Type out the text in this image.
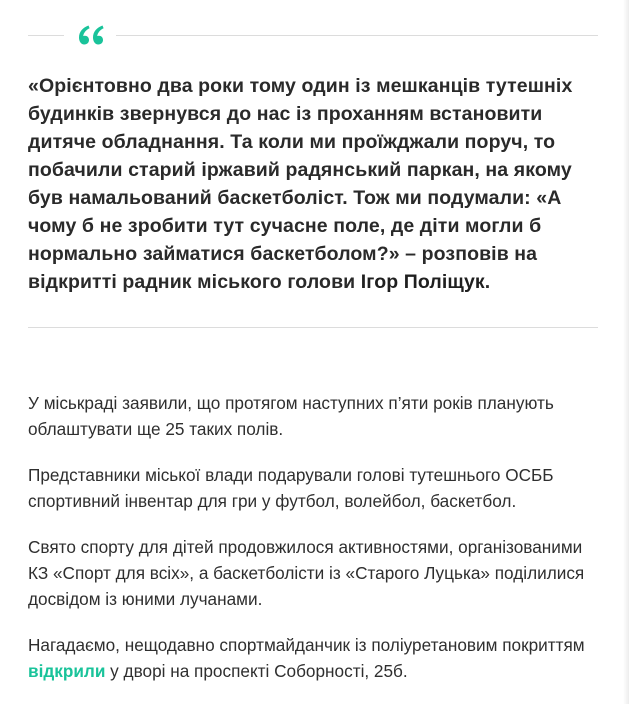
«Орієнтовно два роки тому один із мешканців тутешніх будинків звернувся до нас із проханням встановити дитяче обладнання. Та коли ми проїжджали поруч, то побачили старий іржавий радянський паркан, на якому був намальований баскетболіст. Тож ми подумали: «А чому б не зробити тут сучасне поле, де діти могли б нормально займатися баскетболом?» – розповів на відкритті радник міського голови Ігор Поліщук.

У міськраді заявили, що протягом наступних п’яти років планують облаштувати ще 25 таких полів.

Представники міської влади подарували голові тутешнього ОСББ спортивний інвентар для гри у футбол, волейбол, баскетбол.

Свято спорту для дітей продовжилося активностями, організованими КЗ «Спорт для всіх», а баскетболісти із «Старого Луцька» поділилися досвідом із юними лучанами.

Нагадаємо, нещодавно спортмайданчик із поліуретановим покриттям відкрили у дворі на проспекті Соборності, 25б.
